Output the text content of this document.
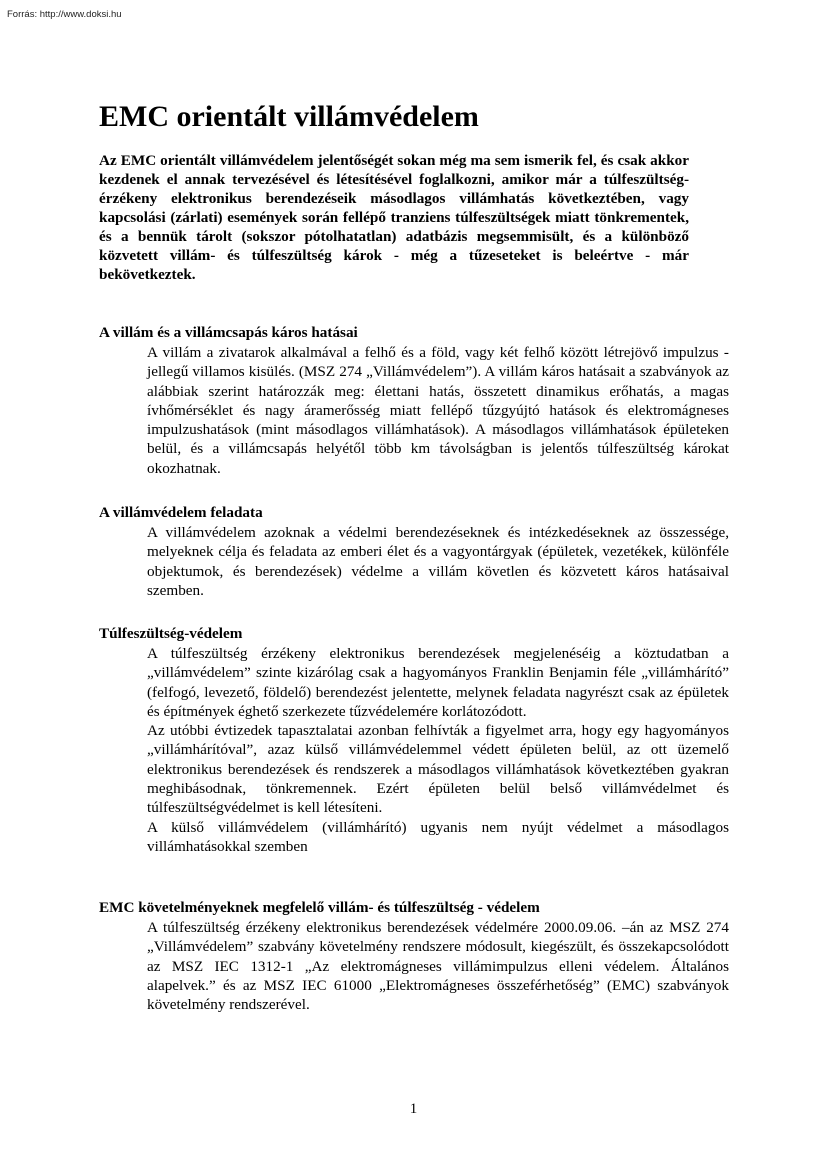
Forrás: http://www.doksi.hu
EMC orientált villámvédelem

Az EMC orientált villámvédelem jelentőségét sokan még ma sem ismerik fel, és csak akkor kezdenek el annak tervezésével és létesítésével foglalkozni, amikor már a túlfeszültség-érzékeny elektronikus berendezéseik másodlagos villámhatás következtében, vagy kapcsolási (zárlati) események során fellépő tranziens túlfeszültségek miatt tönkrementek, és a bennük tárolt (sokszor pótolhatatlan) adatbázis megsemmisült, és a különböző közvetett villám- és túlfeszültség károk - még a tűzeseteket is beleértve - már bekövetkeztek.

A villám és a villámcsapás káros hatásai

A villám a zivatarok alkalmával a felhő és a föld, vagy két felhő között létrejövő impulzus - jellegű villamos kisülés. (MSZ 274 „Villámvédelem”). A villám káros hatásait a szabványok az alábbiak szerint határozzák meg: élettani hatás, összetett dinamikus erőhatás, a magas ívhőmérséklet és nagy áramerősség miatt fellépő tűzgyújtó hatások és elektromágneses impulzushatások (mint másodlagos villámhatások). A másodlagos villámhatások épületeken belül, és a villámcsapás helyétől több km távolságban is jelentős túlfeszültség károkat okozhatnak.

A villámvédelem feladata

A villámvédelem azoknak a védelmi berendezéseknek és intézkedéseknek az összessége, melyeknek célja és feladata az emberi élet és a vagyontárgyak (épületek, vezetékek, különféle objektumok, és berendezések) védelme a villám követlen és közvetett káros hatásaival szemben.

Túlfeszültség-védelem

A túlfeszültség érzékeny elektronikus berendezések megjelenéséig a köztudatban a „villámvédelem” szinte kizárólag csak a hagyományos Franklin Benjamin féle „villámhárító” (felfogó, levezető, földelő) berendezést jelentette, melynek feladata nagyrészt csak az épületek és építmények éghető szerkezete tűzvédelemére korlátozódott.

Az utóbbi évtizedek tapasztalatai azonban felhívták a figyelmet arra, hogy egy hagyományos „villámhárítóval”, azaz külső villámvédelemmel védett épületen belül, az ott üzemelő elektronikus berendezések és rendszerek a másodlagos villámhatások következtében gyakran meghibásodnak, tönkremennek. Ezért épületen belül belső villámvédelmet és túlfeszültségvédelmet is kell létesíteni.

A külső villámvédelem (villámhárító) ugyanis nem nyújt védelmet a másodlagos villámhatásokkal szemben

EMC követelményeknek megfelelő villám- és túlfeszültség - védelem

A túlfeszültség érzékeny elektronikus berendezések védelmére 2000.09.06. –án az MSZ 274 „Villámvédelem” szabvány követelmény rendszere módosult, kiegészült, és összekapcsolódott az MSZ IEC 1312-1 „Az elektromágneses villámimpulzus elleni védelem. Általános alapelvek.” és az MSZ IEC 61000 „Elektromágneses összeférhetőség” (EMC) szabványok követelmény rendszerével.

1
